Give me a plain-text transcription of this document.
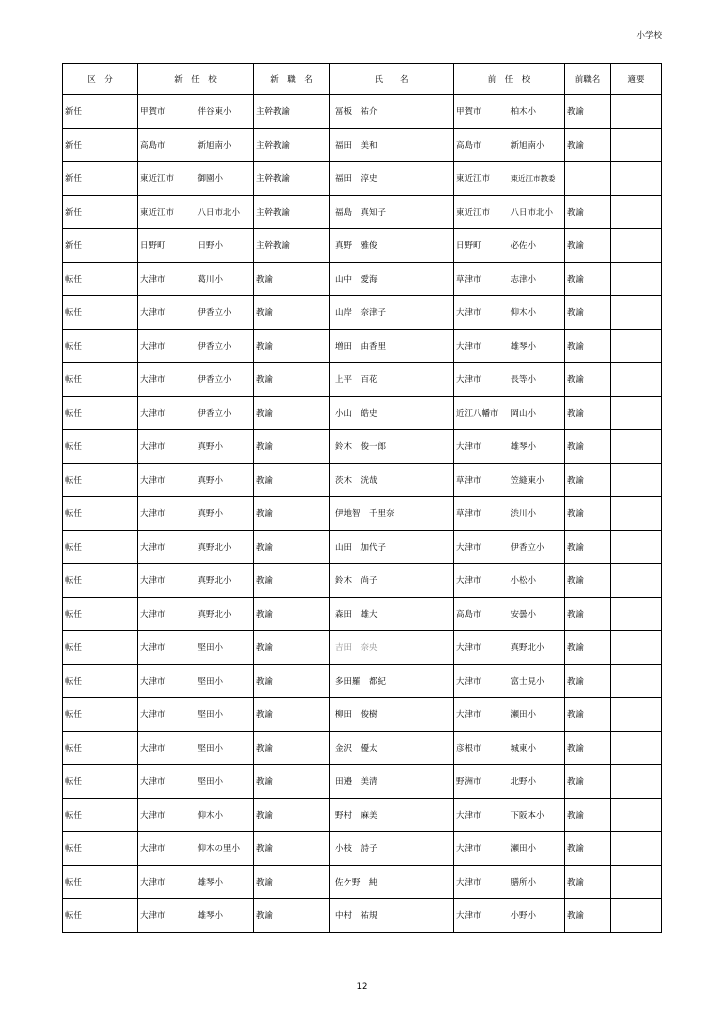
小学校
区　分	新　任　校		新　職　名	氏　　名	前　任　校		前職名	適要
新任	甲賀市	伴谷東小	主幹教諭	冨板　祐介	甲賀市	柏木小	教諭	
新任	高島市	新旭南小	主幹教諭	福田　美和	高島市	新旭南小	教諭	
新任	東近江市	御園小	主幹教諭	福田　淳史	東近江市	東近江市教委		
新任	東近江市	八日市北小	主幹教諭	福島　真知子	東近江市	八日市北小	教諭	
新任	日野町	日野小	主幹教諭	真野　雅俊	日野町	必佐小	教諭	
転任	大津市	葛川小	教諭	山中　愛海	草津市	志津小	教諭	
転任	大津市	伊香立小	教諭	山岸　奈津子	大津市	仰木小	教諭	
転任	大津市	伊香立小	教諭	増田　由香里	大津市	雄琴小	教諭	
転任	大津市	伊香立小	教諭	上平　百花	大津市	長等小	教諭	
転任	大津市	伊香立小	教諭	小山　皓史	近江八幡市	岡山小	教諭	
転任	大津市	真野小	教諭	鈴木　俊一郎	大津市	雄琴小	教諭	
転任	大津市	真野小	教諭	茨木　洸哉	草津市	笠縫東小	教諭	
転任	大津市	真野小	教諭	伊地智　千里奈	草津市	渋川小	教諭	
転任	大津市	真野北小	教諭	山田　加代子	大津市	伊香立小	教諭	
転任	大津市	真野北小	教諭	鈴木　尚子	大津市	小松小	教諭	
転任	大津市	真野北小	教諭	森田　雄大	高島市	安曇小	教諭	
転任	大津市	堅田小	教諭	吉田　奈央	大津市	真野北小	教諭	
転任	大津市	堅田小	教諭	多田羅　都紀	大津市	富士見小	教諭	
転任	大津市	堅田小	教諭	柳田　俊樹	大津市	瀬田小	教諭	
転任	大津市	堅田小	教諭	金沢　優太	彦根市	城東小	教諭	
転任	大津市	堅田小	教諭	田邉　美清	野洲市	北野小	教諭	
転任	大津市	仰木小	教諭	野村　麻美	大津市	下阪本小	教諭	
転任	大津市	仰木の里小	教諭	小枝　詩子	大津市	瀬田小	教諭	
転任	大津市	雄琴小	教諭	佐ケ野　純	大津市	膳所小	教諭	
転任	大津市	雄琴小	教諭	中村　祐規	大津市	小野小	教諭	
12
